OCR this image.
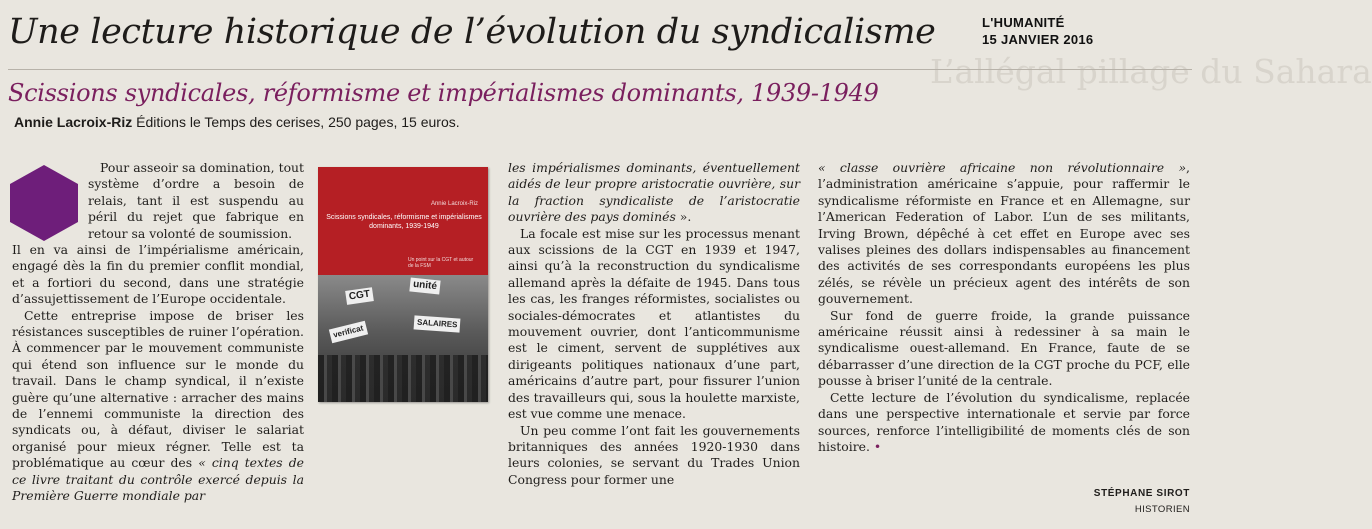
L’allégal pillage du Sahara
Une lecture historique de l’évolution du syndicalisme	L'HUMANITÉ
15 JANVIER 2016
Scissions syndicales, réformisme et impérialismes dominants, 1939-1949
Annie Lacroix-Riz Éditions le Temps des cerises, 250 pages, 15 euros.

Pour asseoir sa domination, tout système d’ordre a besoin de relais, tant il est suspendu au péril du rejet que fabrique en retour sa volonté de soumission.

Il en va ainsi de l’impérialisme américain, engagé dès la fin du premier conflit mondial, et a fortiori du second, dans une stratégie d’assujettissement de l’Europe occidentale.

Cette entreprise impose de briser les résistances susceptibles de ruiner l’opération. À commencer par le mouvement communiste qui étend son influence sur le monde du travail. Dans le champ syndical, il n’existe guère qu’une alternative : arracher des mains de l’ennemi communiste la direction des syndicats ou, à défaut, diviser le salariat organisé pour mieux régner. Telle est ta problématique au cœur des « cinq textes de ce livre traitant du contrôle exercé depuis la Première Guerre mondiale par

Annie Lacroix-Riz
Scissions syndicales, réformisme et impérialismes dominants, 1939-1949
Un point sur la CGT et autour de la FSM
CGT
unité
verificat	SALAIRES

les impérialismes dominants, éventuellement aidés de leur propre aristocratie ouvrière, sur la fraction syndicaliste de l’aristocratie ouvrière des pays dominés ».

La focale est mise sur les processus menant aux scissions de la CGT en 1939 et 1947, ainsi qu’à la reconstruction du syndicalisme allemand après la défaite de 1945. Dans tous les cas, les franges réformistes, socialistes ou sociales-démocrates et atlantistes du mouvement ouvrier, dont l’anticommunisme est le ciment, servent de supplétives aux dirigeants politiques nationaux d’une part, américains d’autre part, pour fissurer l’union des travailleurs qui, sous la houlette marxiste, est vue comme une menace.

Un peu comme l’ont fait les gouvernements britanniques des années 1920-1930 dans leurs colonies, se servant du Trades Union Congress pour former une

« classe ouvrière africaine non révolutionnaire », l’administration américaine s’appuie, pour raffermir le syndicalisme réformiste en France et en Allemagne, sur l’American Federation of Labor. L’un de ses militants, Irving Brown, dépêché à cet effet en Europe avec ses valises pleines des dollars indispensables au financement des activités de ses correspondants européens les plus zélés, se révèle un précieux agent des intérêts de son gouvernement.

Sur fond de guerre froide, la grande puissance américaine réussit ainsi à redessiner à sa main le syndicalisme ouest-allemand. En France, faute de se débarrasser d’une direction de la CGT proche du PCF, elle pousse à briser l’unité de la centrale.

Cette lecture de l’évolution du syndicalisme, replacée dans une perspective internationale et servie par force sources, renforce l’intelligibilité de moments clés de son histoire. •

STÉPHANE SIROT
HISTORIEN
